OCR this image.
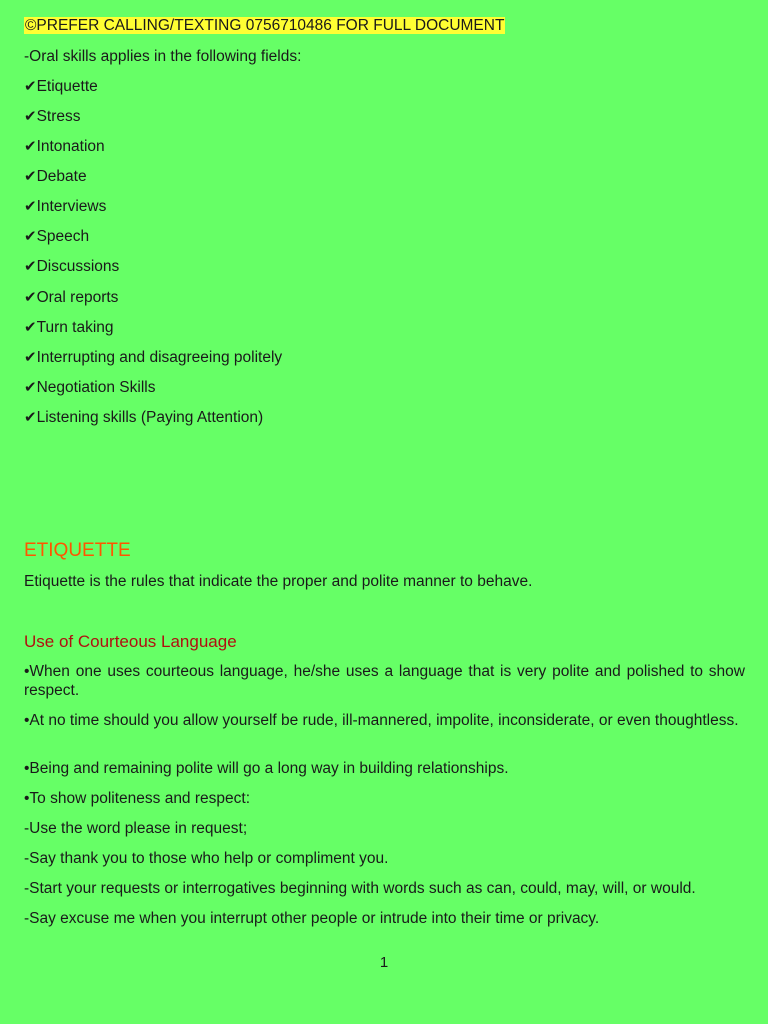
©PREFER CALLING/TEXTING 0756710486 FOR FULL DOCUMENT
-Oral skills applies in the following fields:
✔Etiquette
✔Stress
✔Intonation
✔Debate
✔Interviews
✔Speech
✔Discussions
✔Oral reports
✔Turn taking
✔Interrupting and disagreeing politely
✔Negotiation Skills
✔Listening skills (Paying Attention)
ETIQUETTE
Etiquette is the rules that indicate the proper and polite manner to behave.
Use of Courteous Language
•When one uses courteous language, he/she uses a language that is very polite and polished to show respect.
•At no time should you allow yourself be rude, ill-mannered, impolite, inconsiderate, or even thoughtless.
•Being and remaining polite will go a long way in building relationships.
•To show politeness and respect:
-Use the word please in request;
-Say thank you to those who help or compliment you.
-Start your requests or interrogatives beginning with words such as can, could, may, will, or would.
-Say excuse me when you interrupt other people or intrude into their time or privacy.
1
